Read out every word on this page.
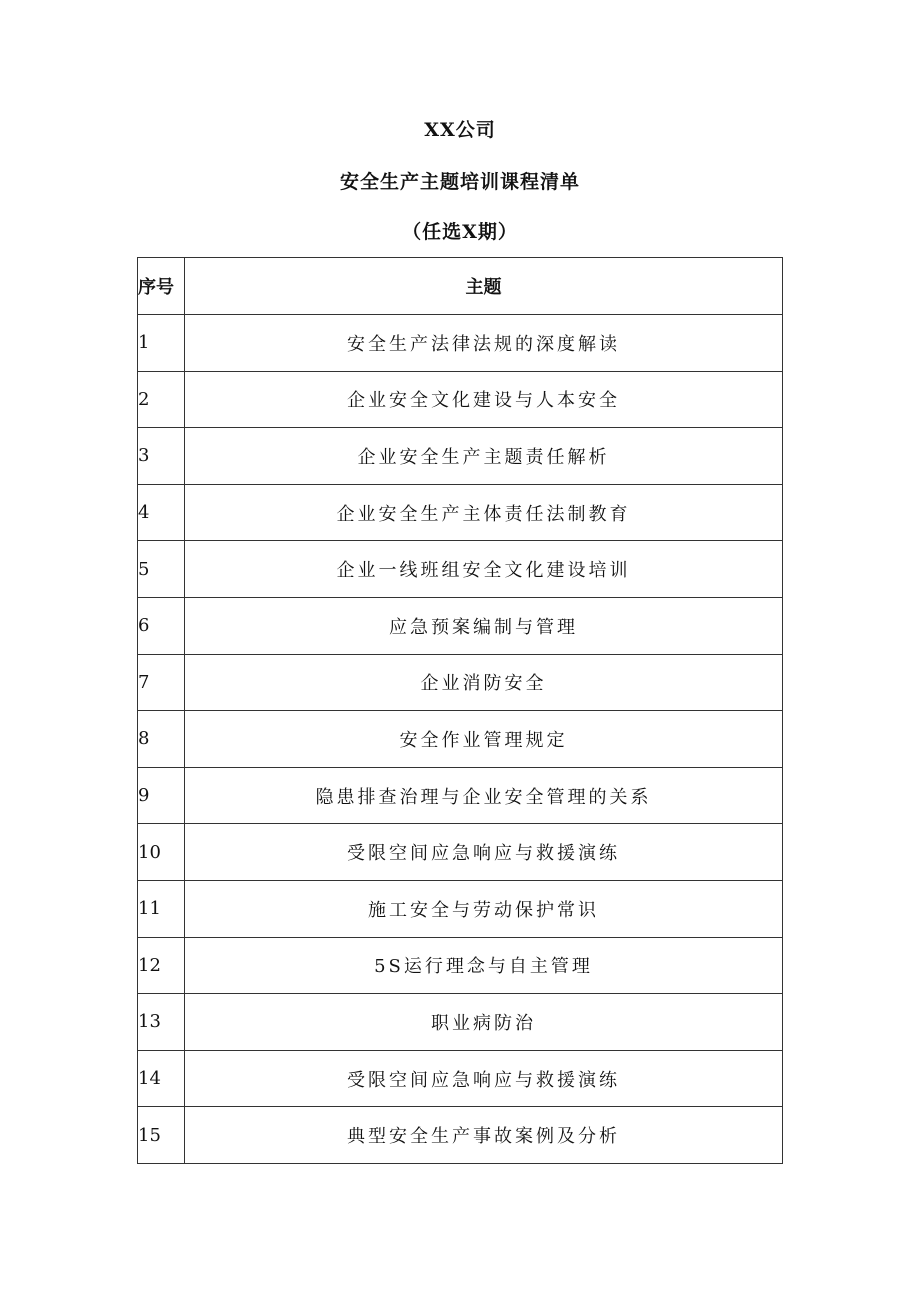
XX公司
安全生产主题培训课程清单
（任选X期）
序号	主题
1	安全生产法律法规的深度解读
2	企业安全文化建设与人本安全
3	企业安全生产主题责任解析
4	企业安全生产主体责任法制教育
5	企业一线班组安全文化建设培训
6	应急预案编制与管理
7	企业消防安全
8	安全作业管理规定
9	隐患排查治理与企业安全管理的关系
10	受限空间应急响应与救援演练
11	施工安全与劳动保护常识
12	5S运行理念与自主管理
13	职业病防治
14	受限空间应急响应与救援演练
15	典型安全生产事故案例及分析
